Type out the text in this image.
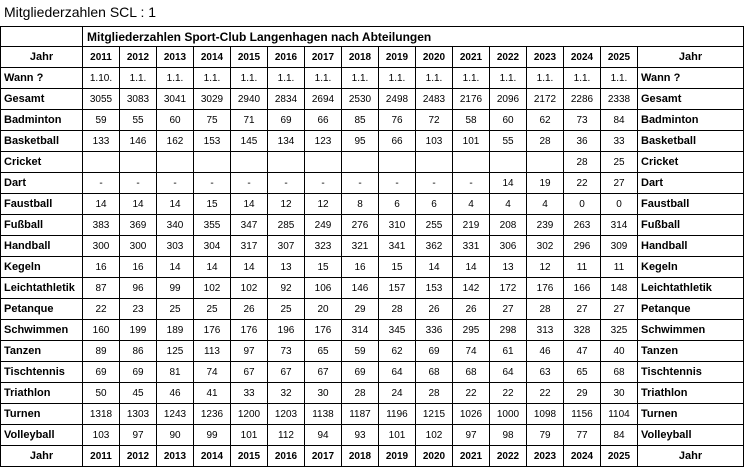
Mitgliederzahlen SCL : 1
	Mitgliederzahlen Sport-Club Langenhagen nach Abteilungen															
Jahr	2011	2012	2013	2014	2015	2016	2017	2018	2019	2020	2021	2022	2023	2024	2025	Jahr
Wann ?	1.10.	1.1.	1.1.	1.1.	1.1.	1.1.	1.1.	1.1.	1.1.	1.1.	1.1.	1.1.	1.1.	1.1.	1.1.	Wann ?
Gesamt	3055	3083	3041	3029	2940	2834	2694	2530	2498	2483	2176	2096	2172	2286	2338	Gesamt
Badminton	59	55	60	75	71	69	66	85	76	72	58	60	62	73	84	Badminton
Basketball	133	146	162	153	145	134	123	95	66	103	101	55	28	36	33	Basketball
Cricket														28	25	Cricket
Dart	-	-	-	-	-	-	-	-	-	-	-	14	19	22	27	Dart
Faustball	14	14	14	15	14	12	12	8	6	6	4	4	4	0	0	Faustball
Fußball	383	369	340	355	347	285	249	276	310	255	219	208	239	263	314	Fußball
Handball	300	300	303	304	317	307	323	321	341	362	331	306	302	296	309	Handball
Kegeln	16	16	14	14	14	13	15	16	15	14	14	13	12	11	11	Kegeln
Leichtathletik	87	96	99	102	102	92	106	146	157	153	142	172	176	166	148	Leichtathletik
Petanque	22	23	25	25	26	25	20	29	28	26	26	27	28	27	27	Petanque
Schwimmen	160	199	189	176	176	196	176	314	345	336	295	298	313	328	325	Schwimmen
Tanzen	89	86	125	113	97	73	65	59	62	69	74	61	46	47	40	Tanzen
Tischtennis	69	69	81	74	67	67	67	69	64	68	68	64	63	65	68	Tischtennis
Triathlon	50	45	46	41	33	32	30	28	24	28	22	22	22	29	30	Triathlon
Turnen	1318	1303	1243	1236	1200	1203	1138	1187	1196	1215	1026	1000	1098	1156	1104	Turnen
Volleyball	103	97	90	99	101	112	94	93	101	102	97	98	79	77	84	Volleyball
Jahr	2011	2012	2013	2014	2015	2016	2017	2018	2019	2020	2021	2022	2023	2024	2025	Jahr
